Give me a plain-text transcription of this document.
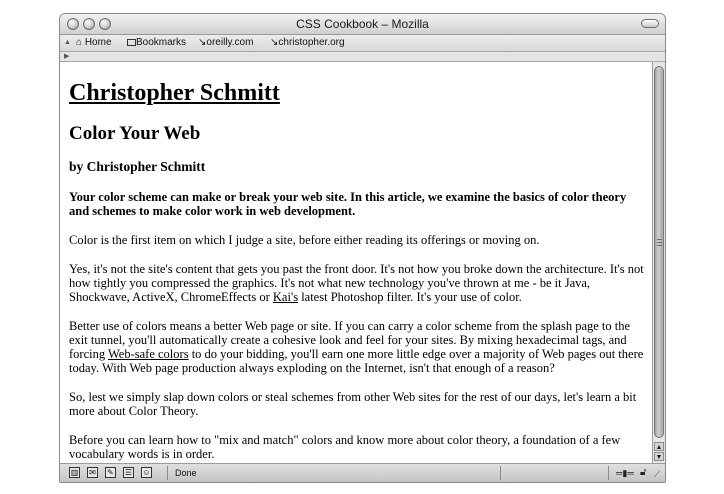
CSS Cookbook – Mozilla
▲ ⌂ Home	Bookmarks ↘oreilly.com ↘christopher.org
▶
Christopher Schmitt
Color Your Web
by Christopher Schmitt
Your color scheme can make or break your web site. In this article, we examine the basics of color theory and schemes to make color work in web development.

Color is the first item on which I judge a site, before either reading its offerings or moving on.

Yes, it's not the site's content that gets you past the front door. It's not how you broke down the architecture. It's not how tightly you compressed the graphics. It's not what new technology you've thrown at me - be it Java, Shockwave, ActiveX, ChromeEffects or Kai's latest Photoshop filter. It's your use of color.

Better use of colors means a better Web page or site. If you can carry a color scheme from the splash page to the exit tunnel, you'll automatically create a cohesive look and feel for your sites. By mixing hexadecimal tags, and forcing Web-safe colors to do your bidding, you'll earn one more little edge over a majority of Web pages out there today. With Web page production always exploding on the Internet, isn't that enough of a reason?

So, lest we simply slap down colors or steal schemes from other Web sites for the rest of our days, let's learn a bit more about Color Theory.

Before you can learn how to "mix and match" colors and know more about color theory, a foundation of a few vocabulary words is in order.	▲
▼
▥ ✉ ✎ ☰ ☺	Done	═▮═ 🔓︎ ⟋
